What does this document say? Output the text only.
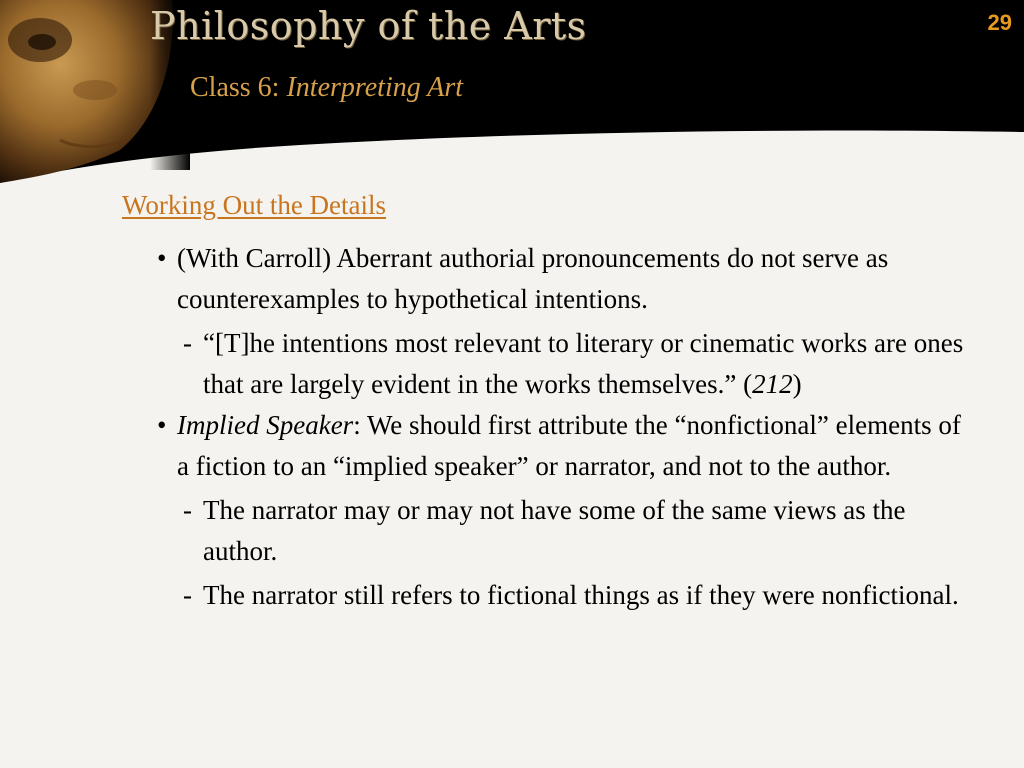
Philosophy of the Arts
Class 6: Interpreting Art
29
Working Out the Details
• (With Carroll) Aberrant authorial pronouncements do not serve as counterexamples to hypothetical intentions.
- “[T]he intentions most relevant to literary or cinematic works are ones that are largely evident in the works themselves.” (212)
• Implied Speaker: We should first attribute the “nonfictional” elements of a fiction to an “implied speaker” or narrator, and not to the author.
- The narrator may or may not have some of the same views as the author.
- The narrator still refers to fictional things as if they were nonfictional.
